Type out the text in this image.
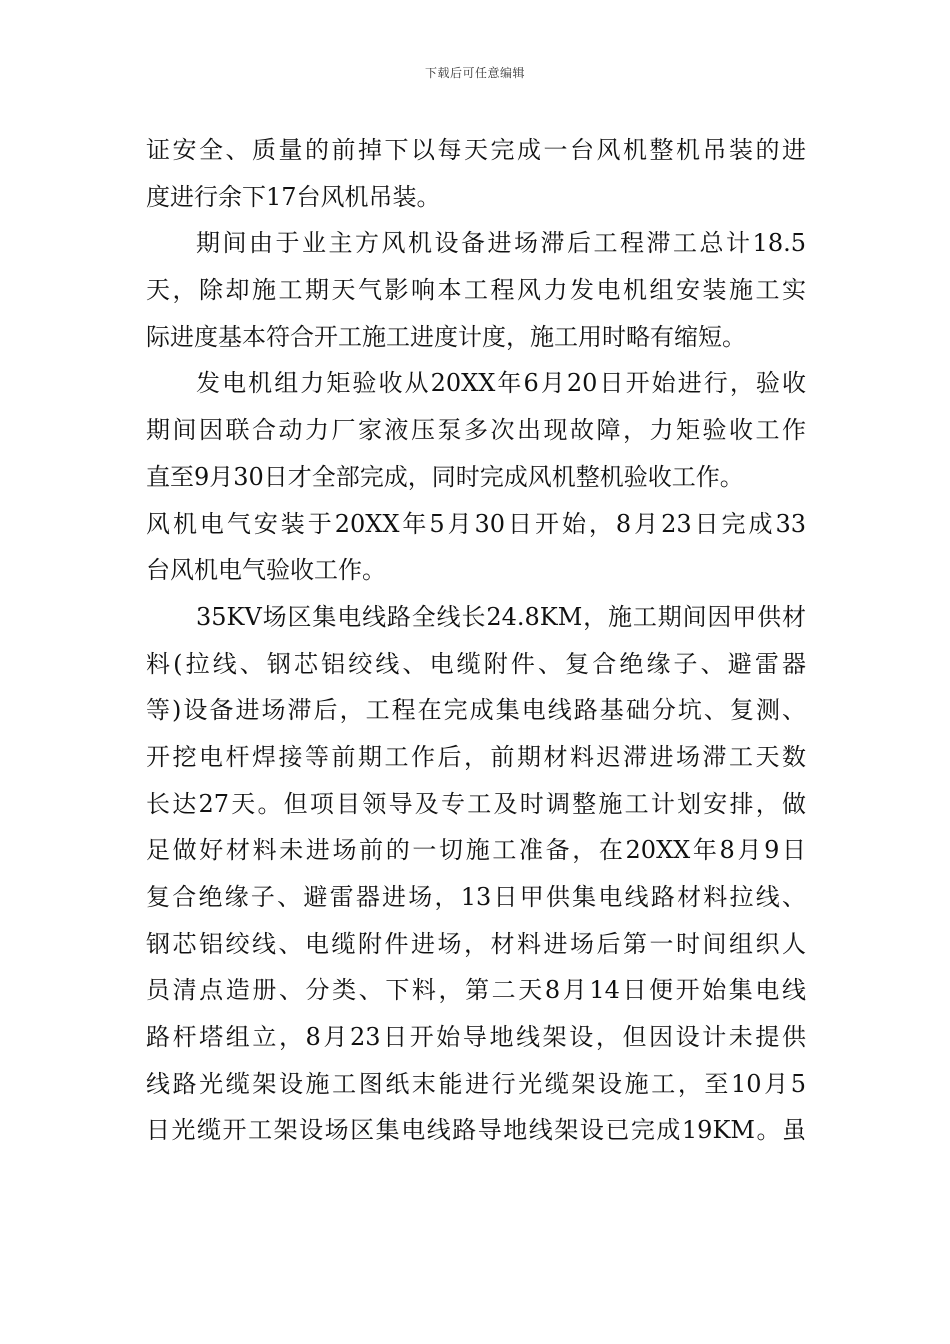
下载后可任意编辑
证安全、质量的前掉下以每天完成一台风机整机吊装的进
度进行余下17台风机吊装。
期间由于业主方风机设备进场滞后工程滞工总计18.5
天，除却施工期天气影响本工程风力发电机组安装施工实
际进度基本符合开工施工进度计度，施工用时略有缩短。
发电机组力矩验收从20XX年6月20日开始进行，验收
期间因联合动力厂家液压泵多次出现故障，力矩验收工作
直至9月30日才全部完成，同时完成风机整机验收工作。
风机电气安装于20XX年5月30日开始，8月23日完成33
台风机电气验收工作。
35KV场区集电线路全线长24.8KM，施工期间因甲供材
料(拉线、钢芯铝绞线、电缆附件、复合绝缘子、避雷器
等)设备进场滞后，工程在完成集电线路基础分坑、复测、
开挖电杆焊接等前期工作后，前期材料迟滞进场滞工天数
长达27天。但项目领导及专工及时调整施工计划安排，做
足做好材料未进场前的一切施工准备，在20XX年8月9日
复合绝缘子、避雷器进场，13日甲供集电线路材料拉线、
钢芯铝绞线、电缆附件进场，材料进场后第一时间组织人
员清点造册、分类、下料，第二天8月14日便开始集电线
路杆塔组立，8月23日开始导地线架设，但因设计未提供
线路光缆架设施工图纸末能进行光缆架设施工，至10月5
日光缆开工架设场区集电线路导地线架设已完成19KM。虽
